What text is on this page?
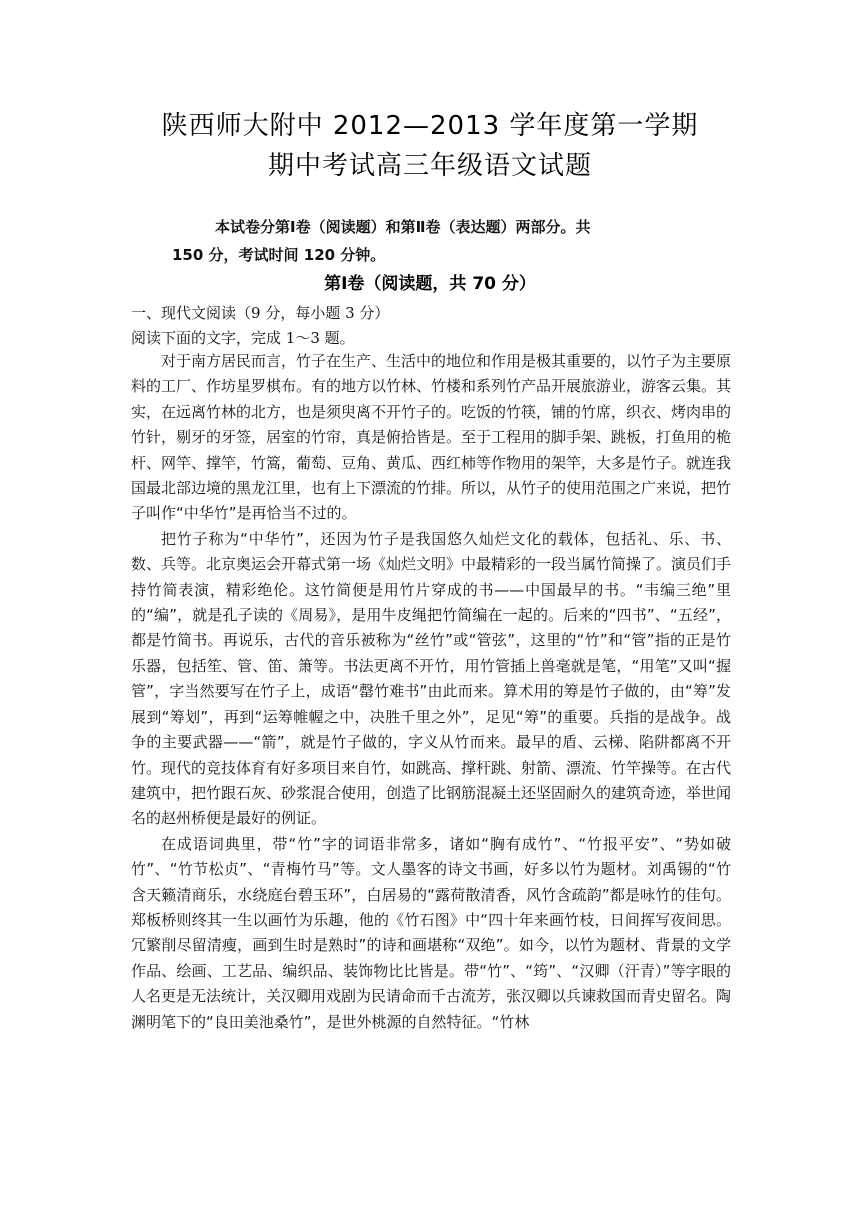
陕西师大附中 2012—2013 学年度第一学期
期中考试高三年级语文试题
本试卷分第Ⅰ卷（阅读题）和第Ⅱ卷（表达题）两部分。共
150 分，考试时间 120 分钟。
第Ⅰ卷（阅读题，共 70 分）
一、现代文阅读（9 分，每小题 3 分）
阅读下面的文字，完成 1～3 题。

对于南方居民而言，竹子在生产、生活中的地位和作用是极其重要的，以竹子为主要原料的工厂、作坊星罗棋布。有的地方以竹林、竹楼和系列竹产品开展旅游业，游客云集。其实，在远离竹林的北方，也是须臾离不开竹子的。吃饭的竹筷，铺的竹席，织衣、烤肉串的竹针，剔牙的牙签，居室的竹帘，真是俯拾皆是。至于工程用的脚手架、跳板，打鱼用的桅杆、网竿、撑竿，竹篙，葡萄、豆角、黄瓜、西红柿等作物用的架竿，大多是竹子。就连我国最北部边境的黑龙江里，也有上下漂流的竹排。所以，从竹子的使用范围之广来说，把竹子叫作“中华竹”是再恰当不过的。

把竹子称为“中华竹”，还因为竹子是我国悠久灿烂文化的载体，包括礼、乐、书、数、兵等。北京奥运会开幕式第一场《灿烂文明》中最精彩的一段当属竹简操了。演员们手持竹简表演，精彩绝伦。这竹简便是用竹片穿成的书——中国最早的书。“韦编三绝”里的“编”，就是孔子读的《周易》，是用牛皮绳把竹简编在一起的。后来的“四书”、“五经”，都是竹简书。再说乐，古代的音乐被称为“丝竹”或“管弦”，这里的“竹”和“管”指的正是竹乐器，包括笙、管、笛、箫等。书法更离不开竹，用竹管插上兽毫就是笔，“用笔”又叫“握管”，字当然要写在竹子上，成语“罄竹难书”由此而来。算术用的筹是竹子做的，由“筹”发展到“筹划”，再到“运筹帷幄之中，决胜千里之外”，足见“筹”的重要。兵指的是战争。战争的主要武器——“箭”，就是竹子做的，字义从竹而来。最早的盾、云梯、陷阱都离不开竹。现代的竞技体育有好多项目来自竹，如跳高、撑杆跳、射箭、漂流、竹竿操等。在古代建筑中，把竹跟石灰、砂浆混合使用，创造了比钢筋混凝土还坚固耐久的建筑奇迹，举世闻名的赵州桥便是最好的例证。

在成语词典里，带“竹”字的词语非常多，诸如“胸有成竹”、“竹报平安”、“势如破竹”、“竹节松贞”、“青梅竹马”等。文人墨客的诗文书画，好多以竹为题材。刘禹锡的“竹含天籁清商乐，水绕庭台碧玉环”，白居易的“露荷散清香，风竹含疏韵”都是咏竹的佳句。郑板桥则终其一生以画竹为乐趣，他的《竹石图》中“四十年来画竹枝，日间挥写夜间思。冗繁削尽留清瘦，画到生时是熟时”的诗和画堪称“双绝”。如今，以竹为题材、背景的文学作品、绘画、工艺品、编织品、装饰物比比皆是。带“竹”、“筠”、“汉卿（汗青）”等字眼的人名更是无法统计，关汉卿用戏剧为民请命而千古流芳，张汉卿以兵谏救国而青史留名。陶渊明笔下的“良田美池桑竹”，是世外桃源的自然特征。“竹林
